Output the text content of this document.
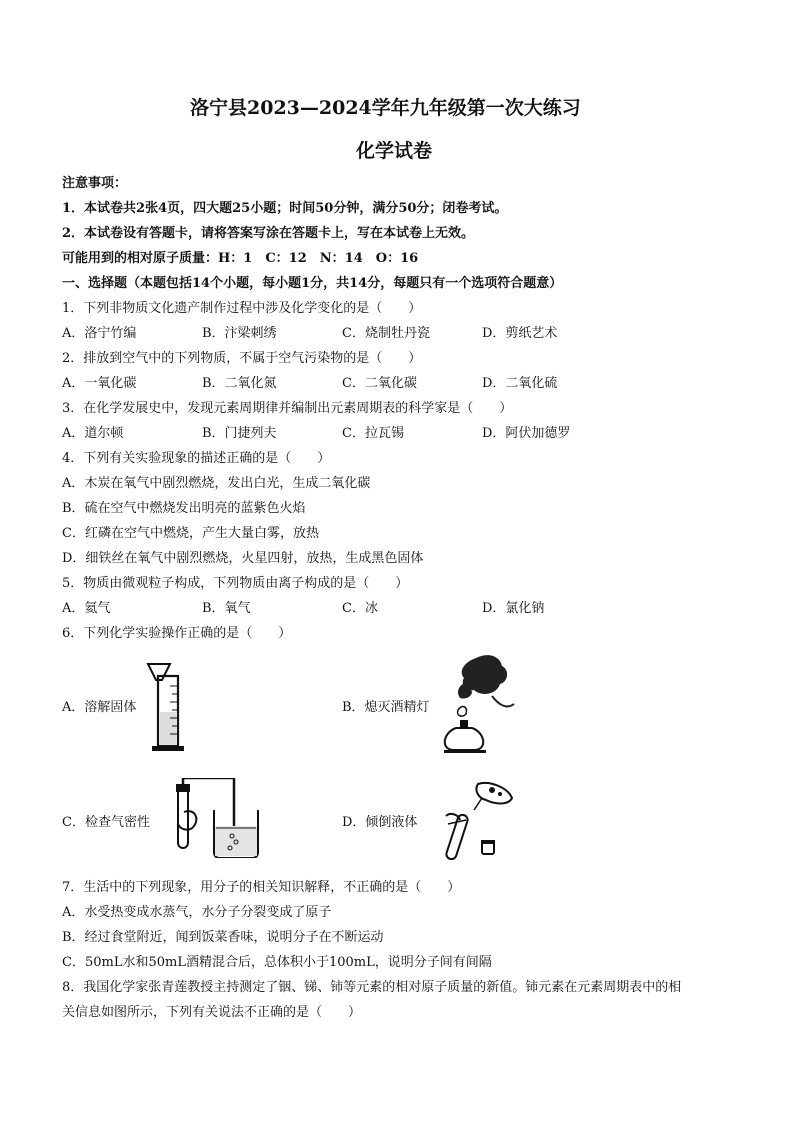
洛宁县2023—2024学年九年级第一次大练习
化学试卷
注意事项：
1．本试卷共2张4页，四大题25小题；时间50分钟，满分50分；闭卷考试。
2．本试卷设有答题卡，请将答案写涂在答题卡上，写在本试卷上无效。
可能用到的相对原子质量：H：1　C：12　N：14　O：16
一、选择题（本题包括14个小题，每小题1分，共14分，每题只有一个选项符合题意）
1．下列非物质文化遗产制作过程中涉及化学变化的是（　　）
A．洛宁竹编	B．汴梁刺绣	C．烧制牡丹瓷	D．剪纸艺术
2．排放到空气中的下列物质，不属于空气污染物的是（　　）
A．一氧化碳	B．二氧化氮	C．二氧化碳	D．二氧化硫
3．在化学发展史中，发现元素周期律并编制出元素周期表的科学家是（　　）
A．道尔顿	B．门捷列夫	C．拉瓦锡	D．阿伏加德罗
4．下列有关实验现象的描述正确的是（　　）
A．木炭在氧气中剧烈燃烧，发出白光，生成二氧化碳
B．硫在空气中燃烧发出明亮的蓝紫色火焰
C．红磷在空气中燃烧，产生大量白雾，放热
D．细铁丝在氧气中剧烈燃烧，火星四射，放热，生成黑色固体
5．物质由微观粒子构成，下列物质由离子构成的是（　　）
A．氦气	B．氧气	C．冰	D．氯化钠
6．下列化学实验操作正确的是（　　）
A．溶解固体	B．熄灭酒精灯
C．检查气密性	D．倾倒液体
7．生活中的下列现象，用分子的相关知识解释，不正确的是（　　）
A．水受热变成水蒸气，水分子分裂变成了原子
B．经过食堂附近，闻到饭菜香味，说明分子在不断运动
C．50mL水和50mL酒精混合后，总体积小于100mL，说明分子间有间隔
8．我国化学家张青莲教授主持测定了铟、锑、铈等元素的相对原子质量的新值。铈元素在元素周期表中的相
关信息如图所示，下列有关说法不正确的是（　　）
